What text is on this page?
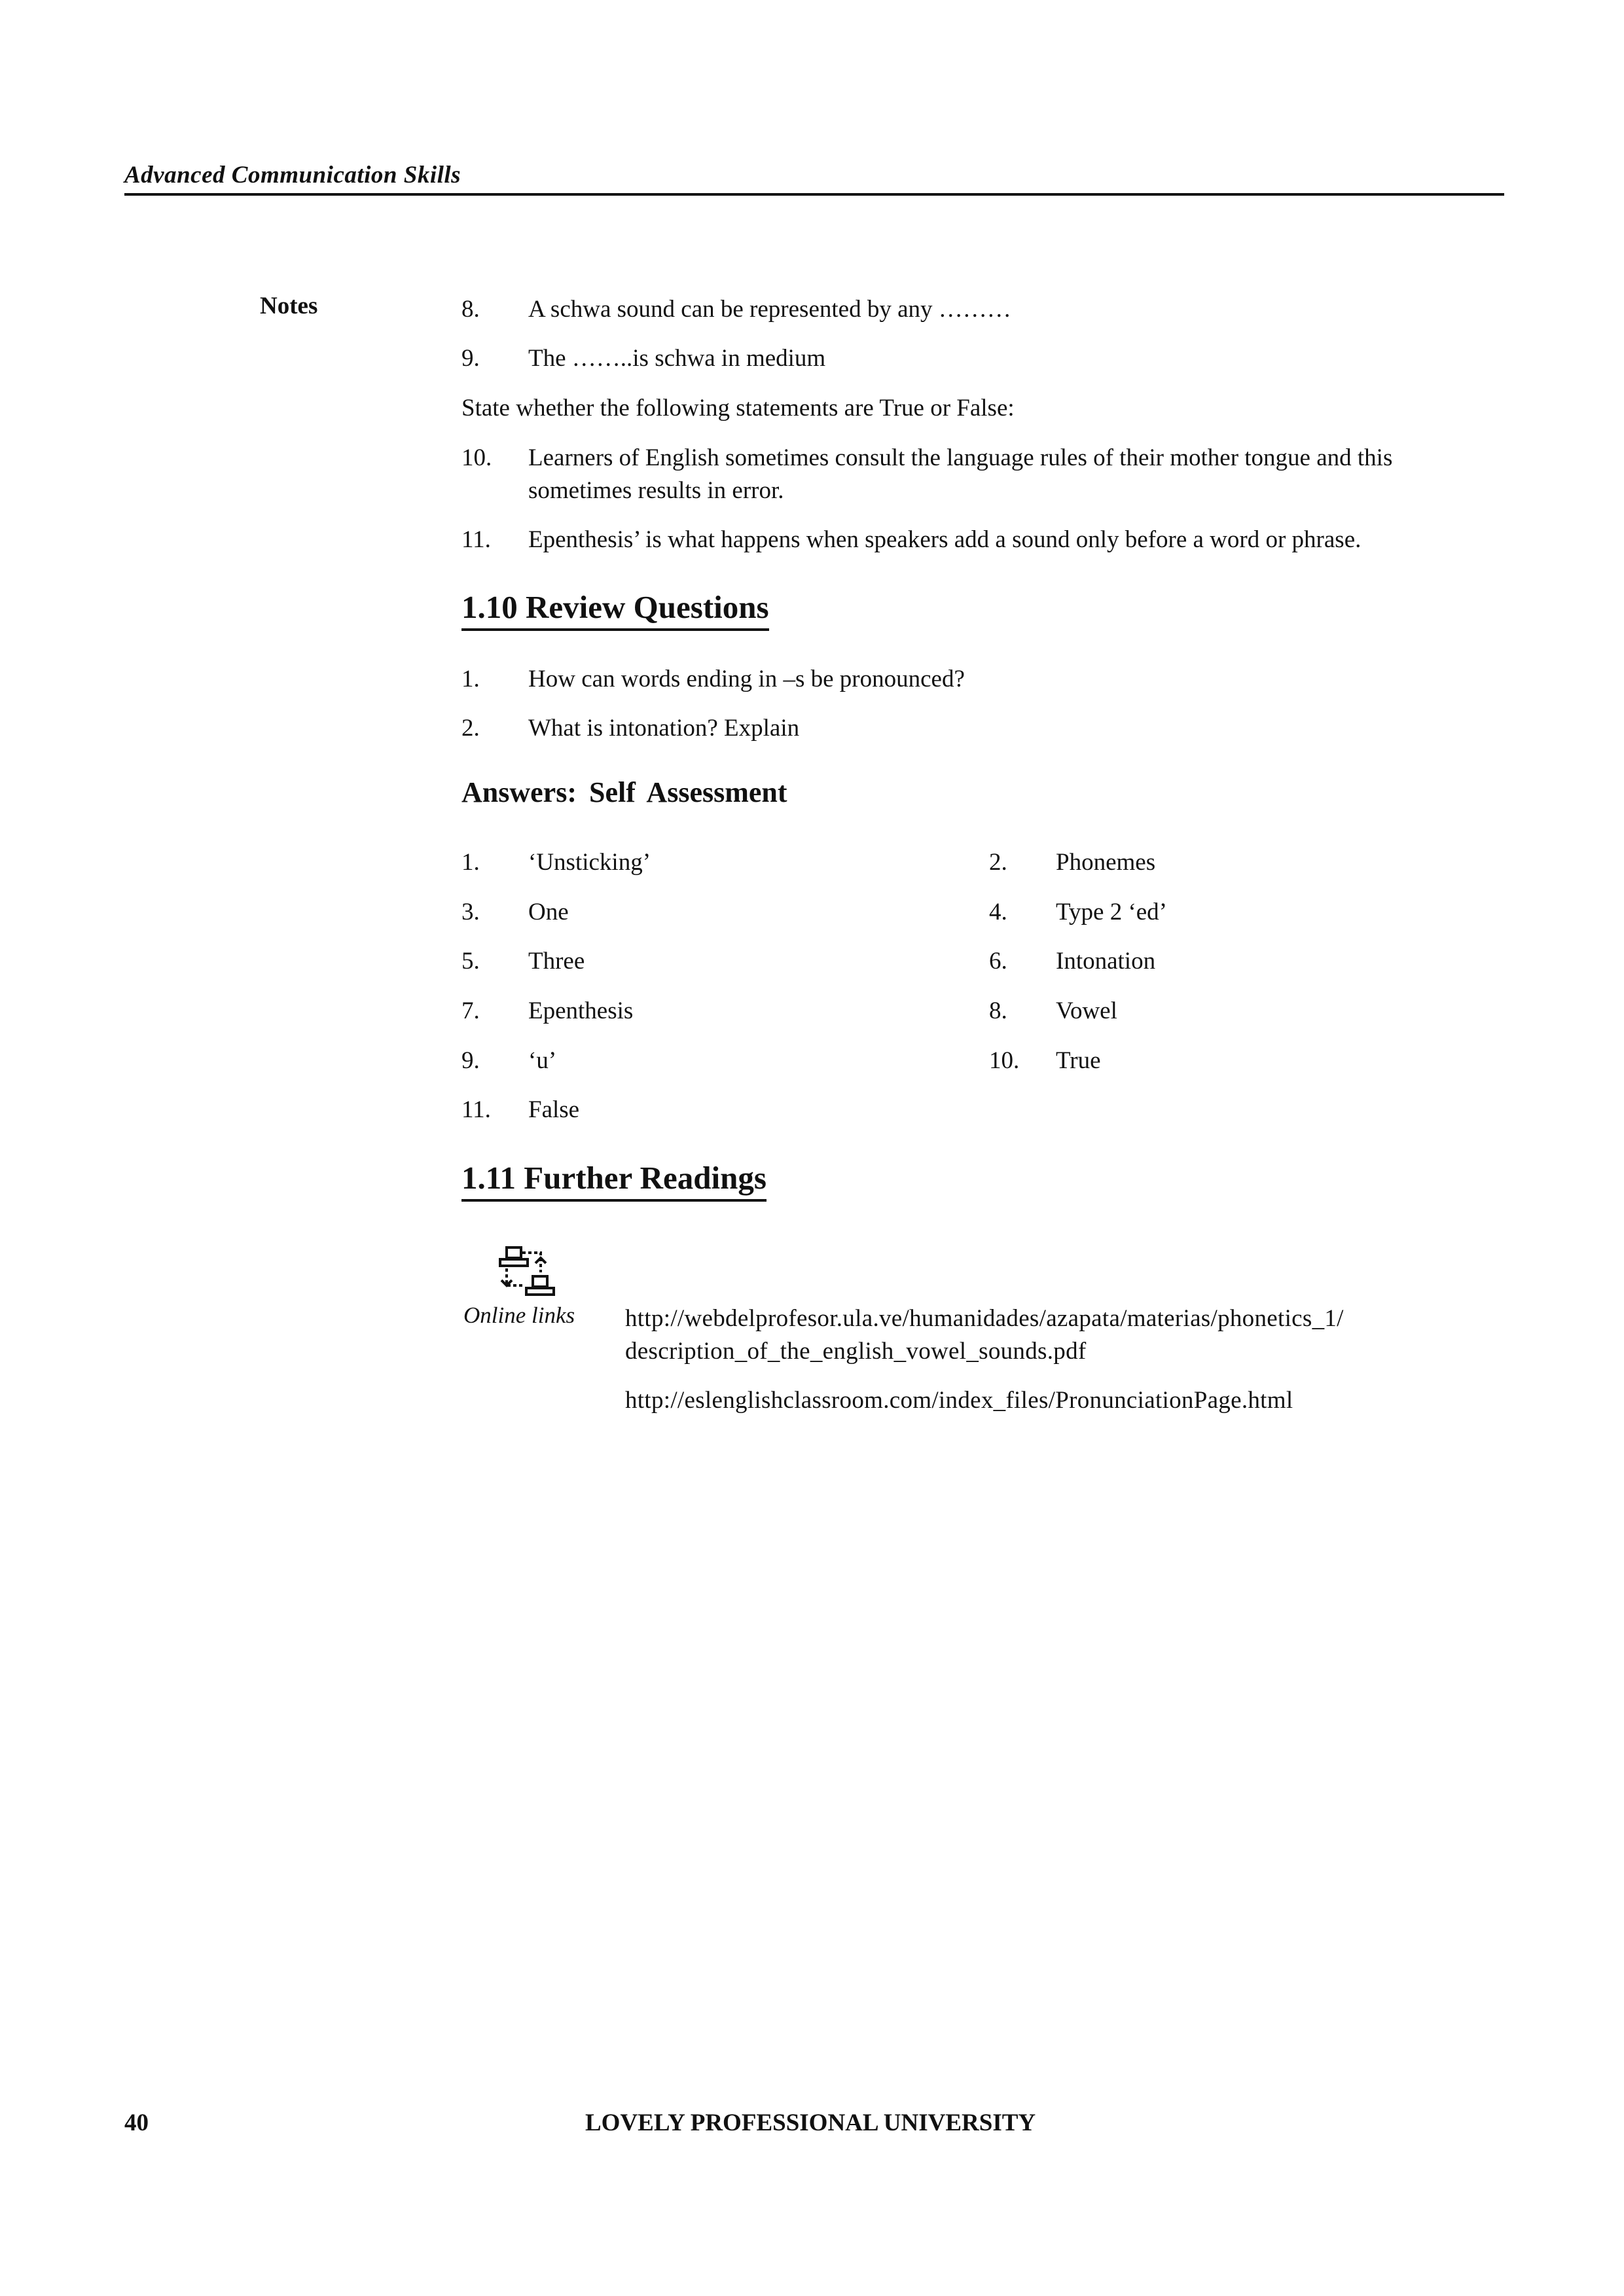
Advanced Communication Skills
Notes	8. A schwa sound can be represented by any ………
9. The ……..is schwa in medium
State whether the following statements are True or False:
10. Learners of English sometimes consult the language rules of their mother tongue and this
sometimes results in error.
11. Epenthesis’ is what happens when speakers add a sound only before a word or phrase.
1.10 Review Questions
1. How can words ending in –s be pronounced?
2. What is intonation? Explain
Answers: Self Assessment
1. ‘Unsticking’	2. Phonemes
3. One	4. Type 2 ‘ed’
5. Three	6. Intonation
7. Epenthesis	8. Vowel
9. ‘u’	10. True
11. False
1.11 Further Readings
Online links http://webdelprofesor.ula.ve/humanidades/azapata/materias/phonetics_1/
description_of_the_english_vowel_sounds.pdf
http://eslenglishclassroom.com/index_files/PronunciationPage.html
40	LOVELY PROFESSIONAL UNIVERSITY
